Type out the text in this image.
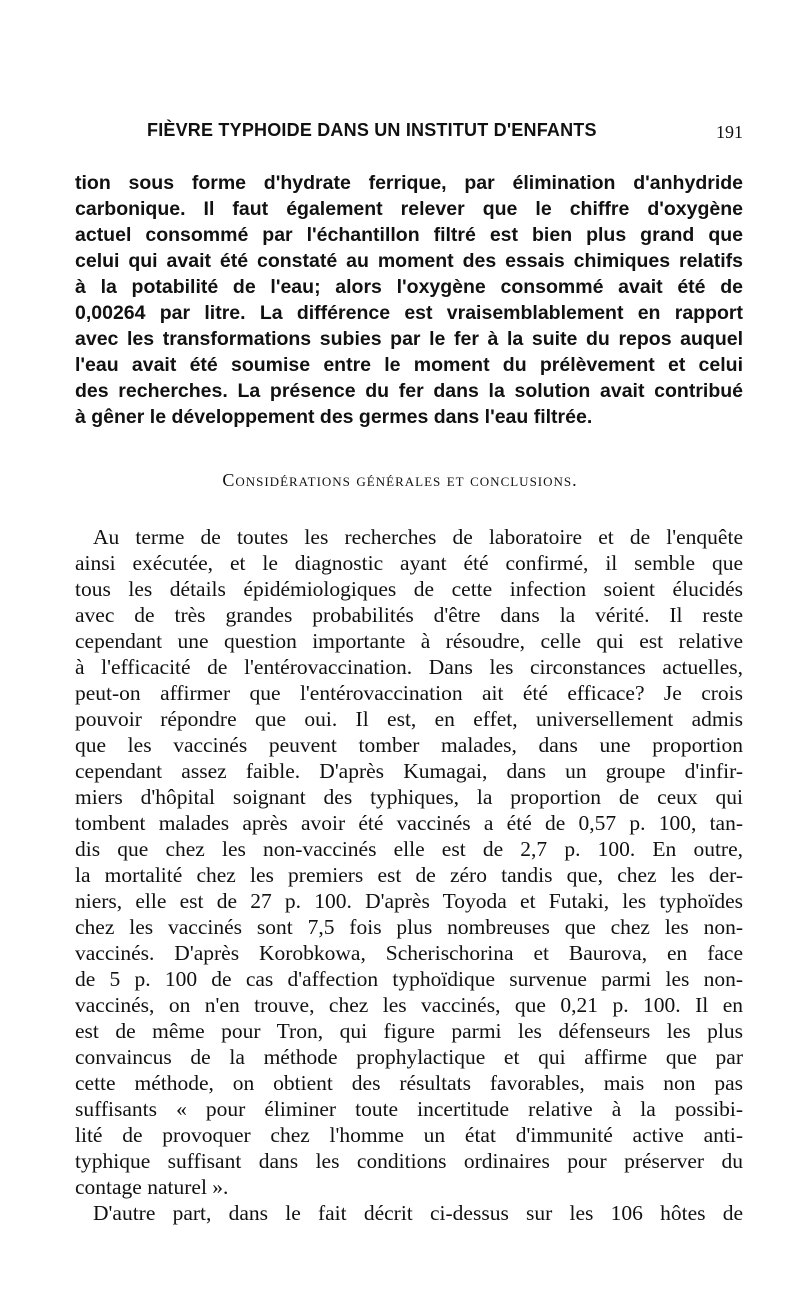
FIÈVRE TYPHOIDE DANS UN INSTITUT D'ENFANTS	191
tion sous forme d'hydrate ferrique, par élimination d'anhydride
carbonique. Il faut également relever que le chiffre d'oxygène
actuel consommé par l'échantillon filtré est bien plus grand que
celui qui avait été constaté au moment des essais chimiques relatifs
à la potabilité de l'eau; alors l'oxygène consommé avait été de
0,00264 par litre. La différence est vraisemblablement en rapport
avec les transformations subies par le fer à la suite du repos auquel
l'eau avait été soumise entre le moment du prélèvement et celui
des recherches. La présence du fer dans la solution avait contribué
à gêner le développement des germes dans l'eau filtrée.
Considérations générales et conclusions.
Au terme de toutes les recherches de laboratoire et de l'enquête
ainsi exécutée, et le diagnostic ayant été confirmé, il semble que
tous les détails épidémiologiques de cette infection soient élucidés
avec de très grandes probabilités d'être dans la vérité. Il reste
cependant une question importante à résoudre, celle qui est relative
à l'efficacité de l'entérovaccination. Dans les circonstances actuelles,
peut-on affirmer que l'entérovaccination ait été efficace? Je crois
pouvoir répondre que oui. Il est, en effet, universellement admis
que les vaccinés peuvent tomber malades, dans une proportion
cependant assez faible. D'après Kumagai, dans un groupe d'infir-
miers d'hôpital soignant des typhiques, la proportion de ceux qui
tombent malades après avoir été vaccinés a été de 0,57 p. 100, tan-
dis que chez les non-vaccinés elle est de 2,7 p. 100. En outre,
la mortalité chez les premiers est de zéro tandis que, chez les der-
niers, elle est de 27 p. 100. D'après Toyoda et Futaki, les typhoïdes
chez les vaccinés sont 7,5 fois plus nombreuses que chez les non-
vaccinés. D'après Korobkowa, Scherischorina et Baurova, en face
de 5 p. 100 de cas d'affection typhoïdique survenue parmi les non-
vaccinés, on n'en trouve, chez les vaccinés, que 0,21 p. 100. Il en
est de même pour Tron, qui figure parmi les défenseurs les plus
convaincus de la méthode prophylactique et qui affirme que par
cette méthode, on obtient des résultats favorables, mais non pas
suffisants « pour éliminer toute incertitude relative à la possibi-
lité de provoquer chez l'homme un état d'immunité active anti-
typhique suffisant dans les conditions ordinaires pour préserver du
contage naturel ».
D'autre part, dans le fait décrit ci-dessus sur les 106 hôtes de
